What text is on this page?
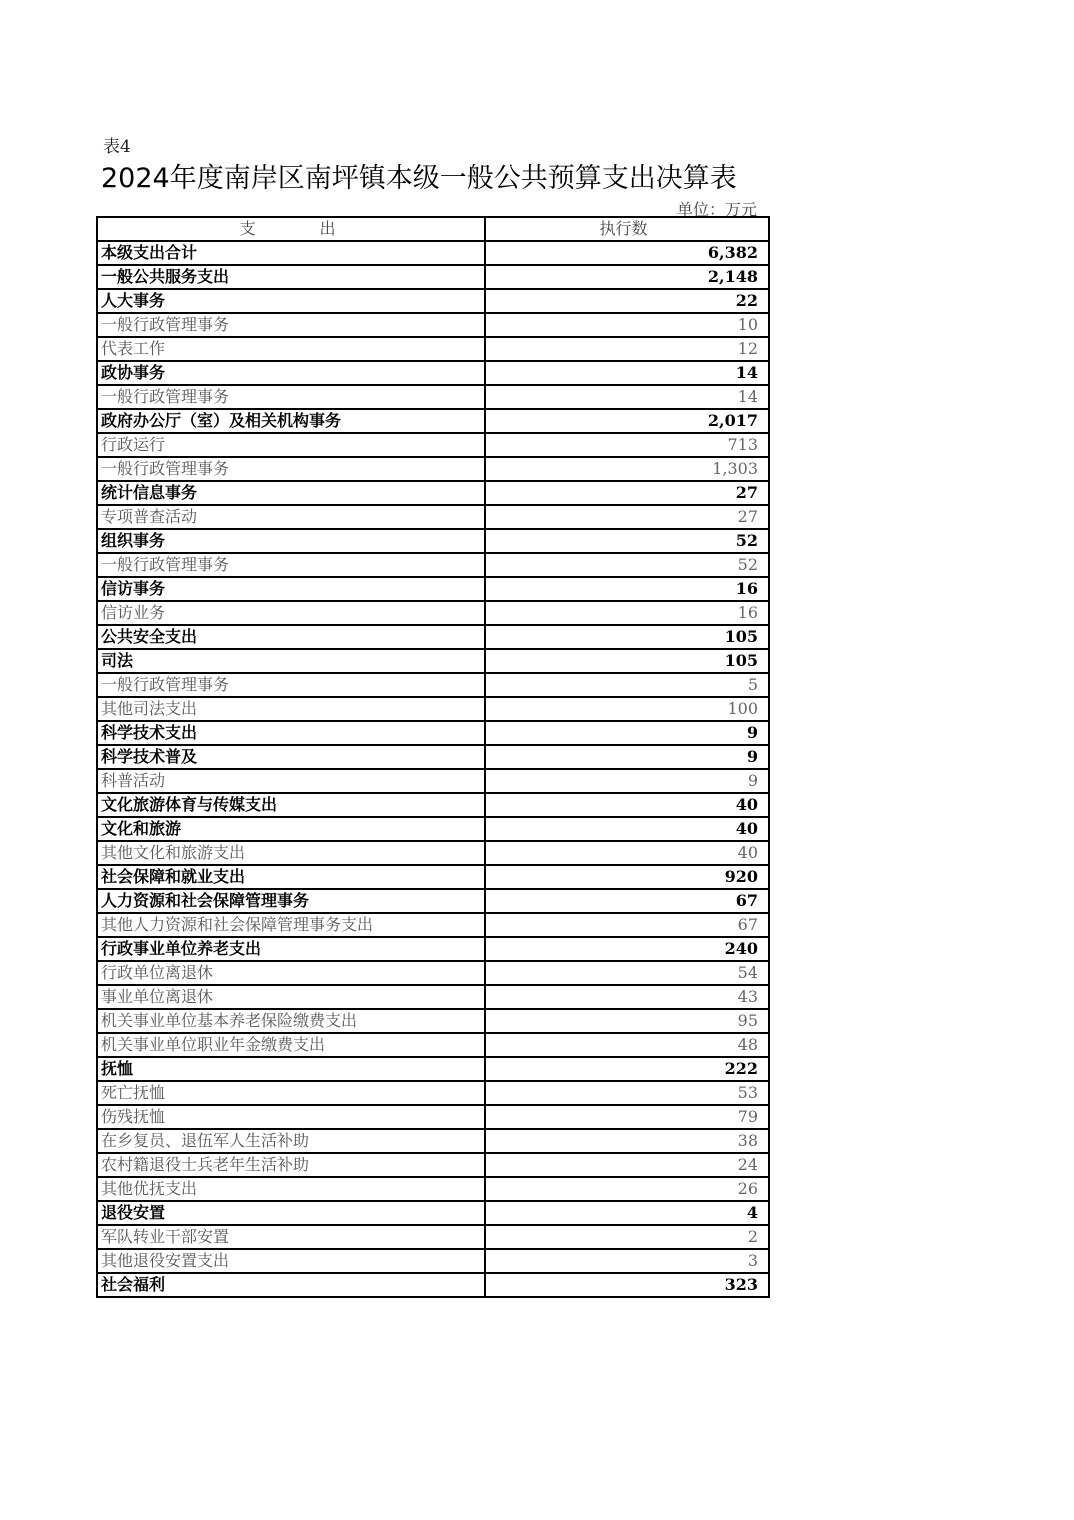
表4
2024年度南岸区南坪镇本级一般公共预算支出决算表
单位：万元
支　　　　出	执行数
本级支出合计	6,382
一般公共服务支出	2,148
人大事务	22
一般行政管理事务	10
代表工作	12
政协事务	14
一般行政管理事务	14
政府办公厅（室）及相关机构事务	2,017
行政运行	713
一般行政管理事务	1,303
统计信息事务	27
专项普查活动	27
组织事务	52
一般行政管理事务	52
信访事务	16
信访业务	16
公共安全支出	105
司法	105
一般行政管理事务	5
其他司法支出	100
科学技术支出	9
科学技术普及	9
科普活动	9
文化旅游体育与传媒支出	40
文化和旅游	40
其他文化和旅游支出	40
社会保障和就业支出	920
人力资源和社会保障管理事务	67
其他人力资源和社会保障管理事务支出	67
行政事业单位养老支出	240
行政单位离退休	54
事业单位离退休	43
机关事业单位基本养老保险缴费支出	95
机关事业单位职业年金缴费支出	48
抚恤	222
死亡抚恤	53
伤残抚恤	79
在乡复员、退伍军人生活补助	38
农村籍退役士兵老年生活补助	24
其他优抚支出	26
退役安置	4
军队转业干部安置	2
其他退役安置支出	3
社会福利	323
